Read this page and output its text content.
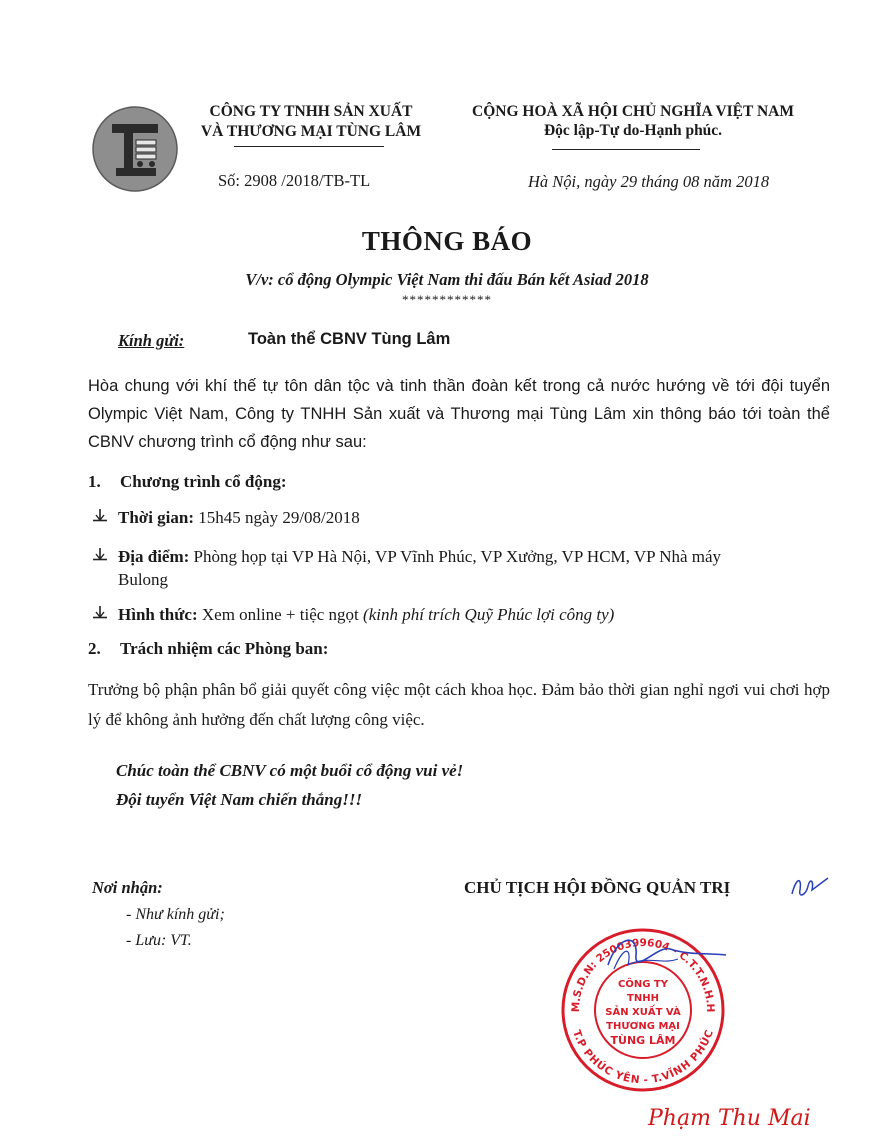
CÔNG TY TNHH SẢN XUẤT
VÀ THƯƠNG MẠI TÙNG LÂM
CỘNG HOÀ XÃ HỘI CHỦ NGHĨA VIỆT NAM
Độc lập-Tự do-Hạnh phúc.
Số: 2908 /2018/TB-TL	Hà Nội, ngày 29 tháng 08 năm 2018
THÔNG BÁO
V/v: cổ động Olympic Việt Nam thi đấu Bán kết Asiad 2018
************
Kính gửi:	Toàn thể CBNV Tùng Lâm
Hòa chung với khí thế tự tôn dân tộc và tinh thần đoàn kết trong cả nước hướng về tới đội tuyển Olympic Việt Nam, Công ty TNHH Sản xuất và Thương mại Tùng Lâm xin thông báo tới toàn thể CBNV chương trình cổ động như sau:
1. Chương trình cổ động:
Thời gian: 15h45 ngày 29/08/2018
Địa điểm: Phòng họp tại VP Hà Nội, VP Vĩnh Phúc, VP Xưởng, VP HCM, VP Nhà máy
Bulong
Hình thức: Xem online + tiệc ngọt (kinh phí trích Quỹ Phúc lợi công ty)
2. Trách nhiệm các Phòng ban:
Trưởng bộ phận phân bổ giải quyết công việc một cách khoa học. Đảm bảo thời gian nghỉ ngơi vui chơi hợp lý để không ảnh hưởng đến chất lượng công việc.
Chúc toàn thể CBNV có một buổi cổ động vui vẻ!
Đội tuyển Việt Nam chiến thắng!!!
Nơi nhận:
- Như kính gửi;
- Lưu: VT.
CHỦ TỊCH HỘI ĐỒNG QUẢN TRỊ
M.S.D.N: 2500399604 - C.T.T.N.H.H
T.P PHÚC YÊN - T.VĨNH PHÚC
CÔNG TY
TNHH
SẢN XUẤT VÀ
THƯƠNG MẠI
TÙNG LÂM
Phạm Thu Mai
